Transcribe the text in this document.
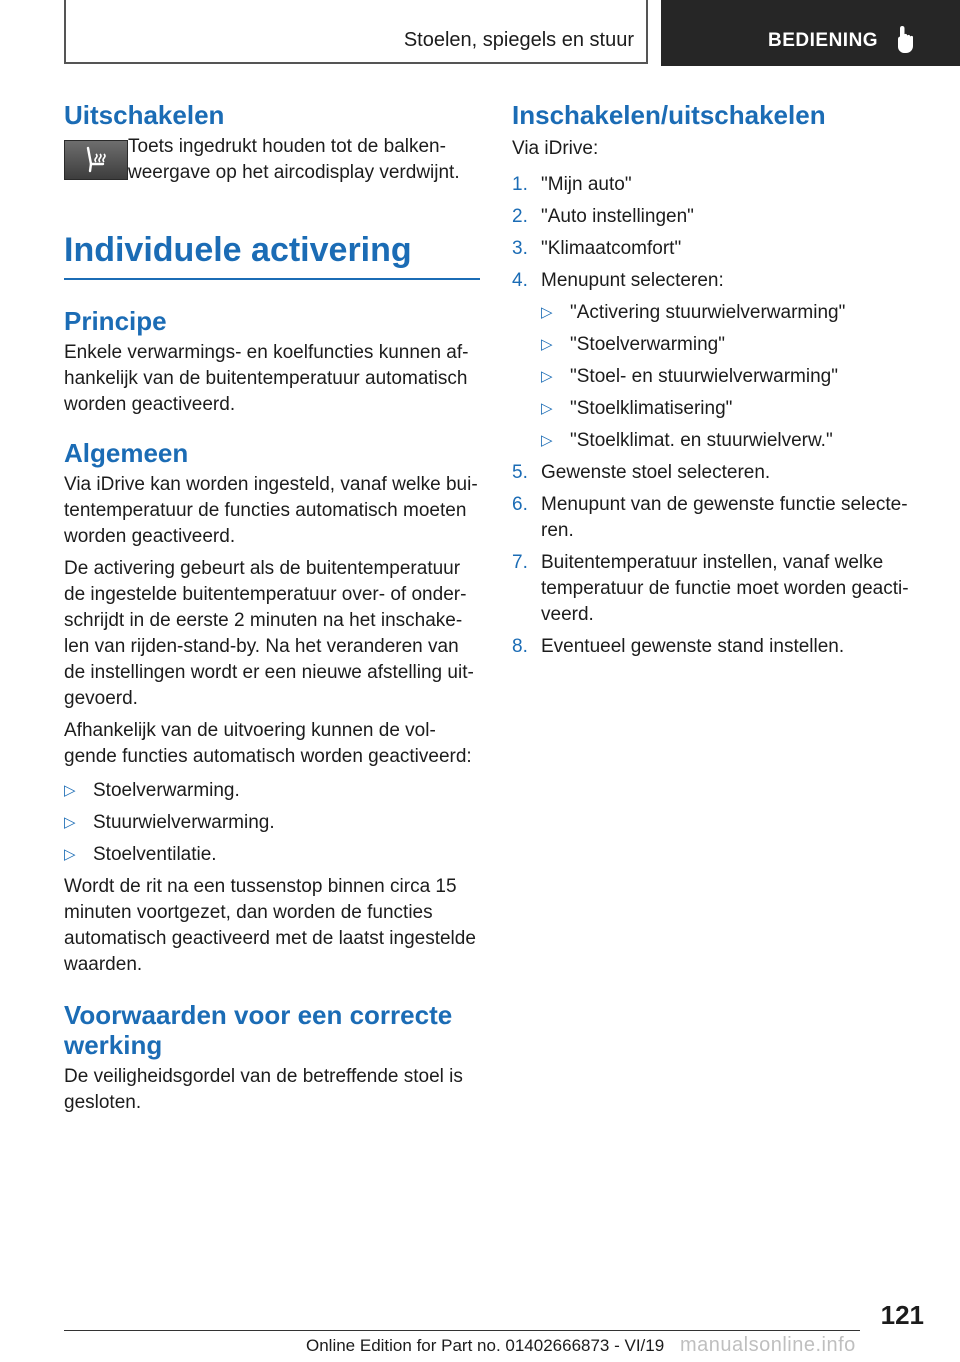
Stoelen, spiegels en stuur	BEDIENING
Uitschakelen

Toets ingedrukt houden tot de balkenweergave op het aircodisplay verdwijnt.

Individuele activering
Principe

Enkele verwarmings- en koelfuncties kunnen afhankelijk van de buitentemperatuur automatisch worden geactiveerd.

Algemeen

Via iDrive kan worden ingesteld, vanaf welke buitentemperatuur de functies automatisch moeten worden geactiveerd.

De activering gebeurt als de buitentemperatuur de ingestelde buitentemperatuur over- of onderschrijdt in de eerste 2 minuten na het inschakelen van rijden-stand-by. Na het veranderen van de instellingen wordt er een nieuwe afstelling uitgevoerd.

Afhankelijk van de uitvoering kunnen de volgende functies automatisch worden geactiveerd:

▷ Stoelverwarming.
▷ Stuurwielverwarming.
▷ Stoelventilatie.

Wordt de rit na een tussenstop binnen circa 15 minuten voortgezet, dan worden de functies automatisch geactiveerd met de laatst ingestelde waarden.

Voorwaarden voor een correcte werking

De veiligheidsgordel van de betreffende stoel is gesloten.

Inschakelen/uitschakelen

Via iDrive:

1. "Mijn auto"
2. "Auto instellingen"
3. "Klimaatcomfort"
4. Menupunt selecteren:
▷ "Activering stuurwielverwarming"
▷ "Stoelverwarming"
▷ "Stoel- en stuurwielverwarming"
▷ "Stoelklimatisering"
▷ "Stoelklimat. en stuurwielverw."
5. Gewenste stoel selecteren.
6. Menupunt van de gewenste functie selecteren.
7. Buitentemperatuur instellen, vanaf welke temperatuur de functie moet worden geactiveerd.
8. Eventueel gewenste stand instellen.
121
Online Edition for Part no. 01402666873 - VI/19 manualsonline.info
